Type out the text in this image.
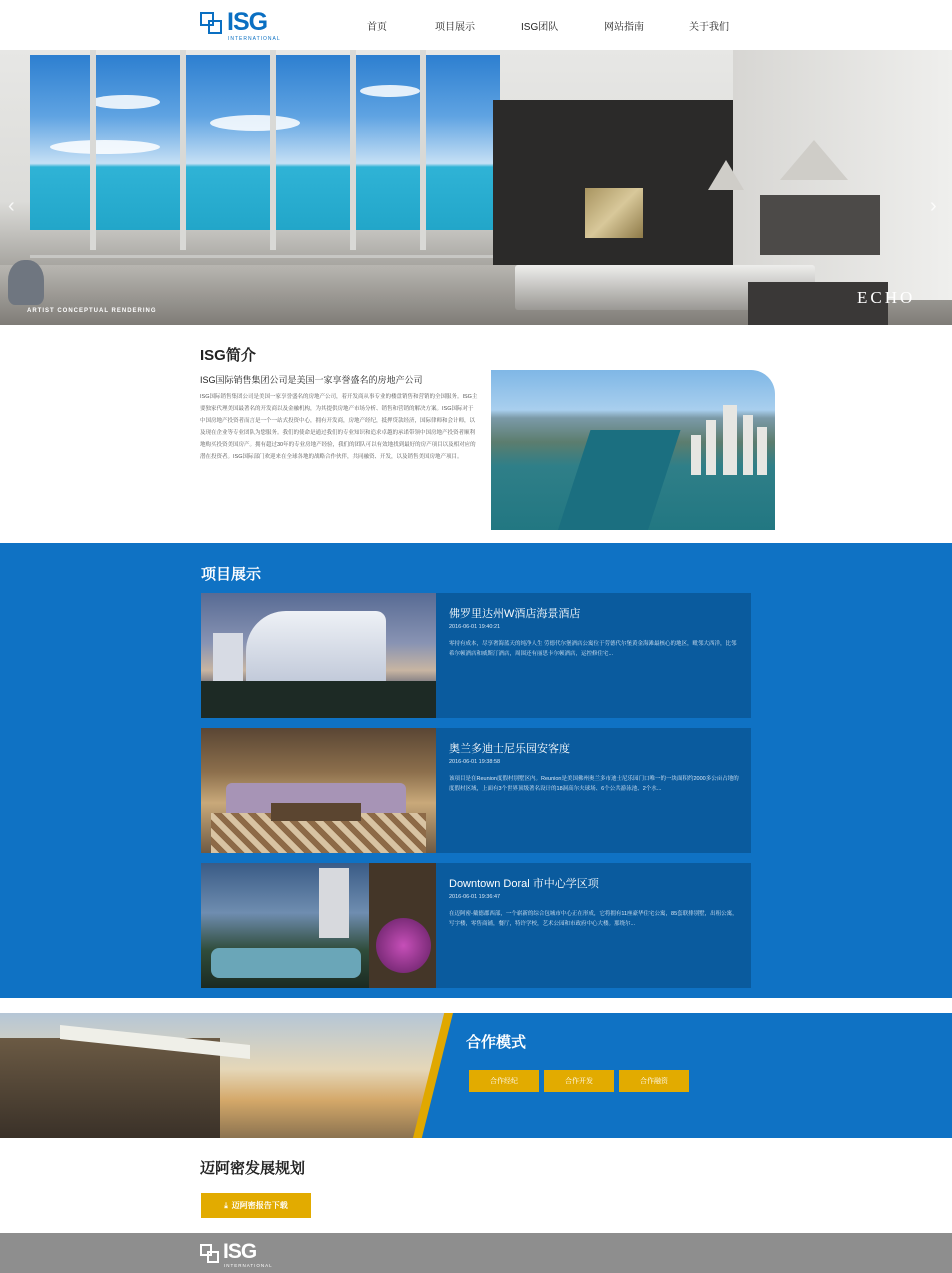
ISG
INTERNATIONAL
首页	项目展示	ISG团队	网站指南	关于我们
‹	›
ARTIST CONCEPTUAL RENDERING
ECHO
ISG简介

ISG国际销售集团公司是美国一家享誉盛名的房地产公司

ISG国际销售集团公司是美国一家享誉盛名的房地产公司，着开发商从事专业的楼盘销售和营销的全国服务。ISG主要独家代理美国最著名的开发商以及金融机构，为其提供房地产市场分析、销售和营销的解决方案。ISG国际对于中国房地产投资者而言是一个一站式投资中心，拥有开发商，房地产经纪，抵押贷款经济，国际律师和会计师，以及现在企业等专业团队为您服务。我们的使命是通过我们的专业知识和追求卓越的承诺带领中国房地产投资者顺利地购买投资美国房产。拥有超过30年的专业房地产经验，我们的团队可以有效地找到最好的房产项目以及相对应的潜在投资者。ISG国际部门欢迎来在全球各地的战略合作伙伴，共同融资、开发，以及销售美国房地产项目。

项目展示
佛罗里达州W酒店海景酒店
2016-06-01 19:40:21
零持有成本，尽享奢海蓝天的纯净人生 劳德代尔堡酒店公寓位于劳德代尔堡黄金海滩最核心的地区，毗邻大西洋，比邻希尔顿酒店和威斯汀酒店，周围还有丽思卡尔顿酒店，运控修住宅...
奥兰多迪士尼乐园安客度
2016-06-01 19:38:58
该项目是在Reunion度假村别墅区内。Reunion是美国佛州奥兰多市迪士尼乐园门口唯一的一块面积约2000多公亩占地的度假村区域，上面有3个世界顶级著名设计的18洞高尔夫球场、6个公共游泳池、2个水...
Downtown Doral 市中心学区项
2016-06-01 19:36:47
在迈阿密-戴德郡西部，一个崭新的综合包城市中心正在形成，它将拥有11座豪华住宅公寓，85套联排别墅，出租公寓，写字楼，零售商铺，餐厅，特许学校，艺术公园和市政府中心大楼。那绕尔...
合作模式
合作经纪	合作开发	合作融资
迈阿密发展规划
⤓ 迈阿密报告下载
ISG
INTERNATIONAL
